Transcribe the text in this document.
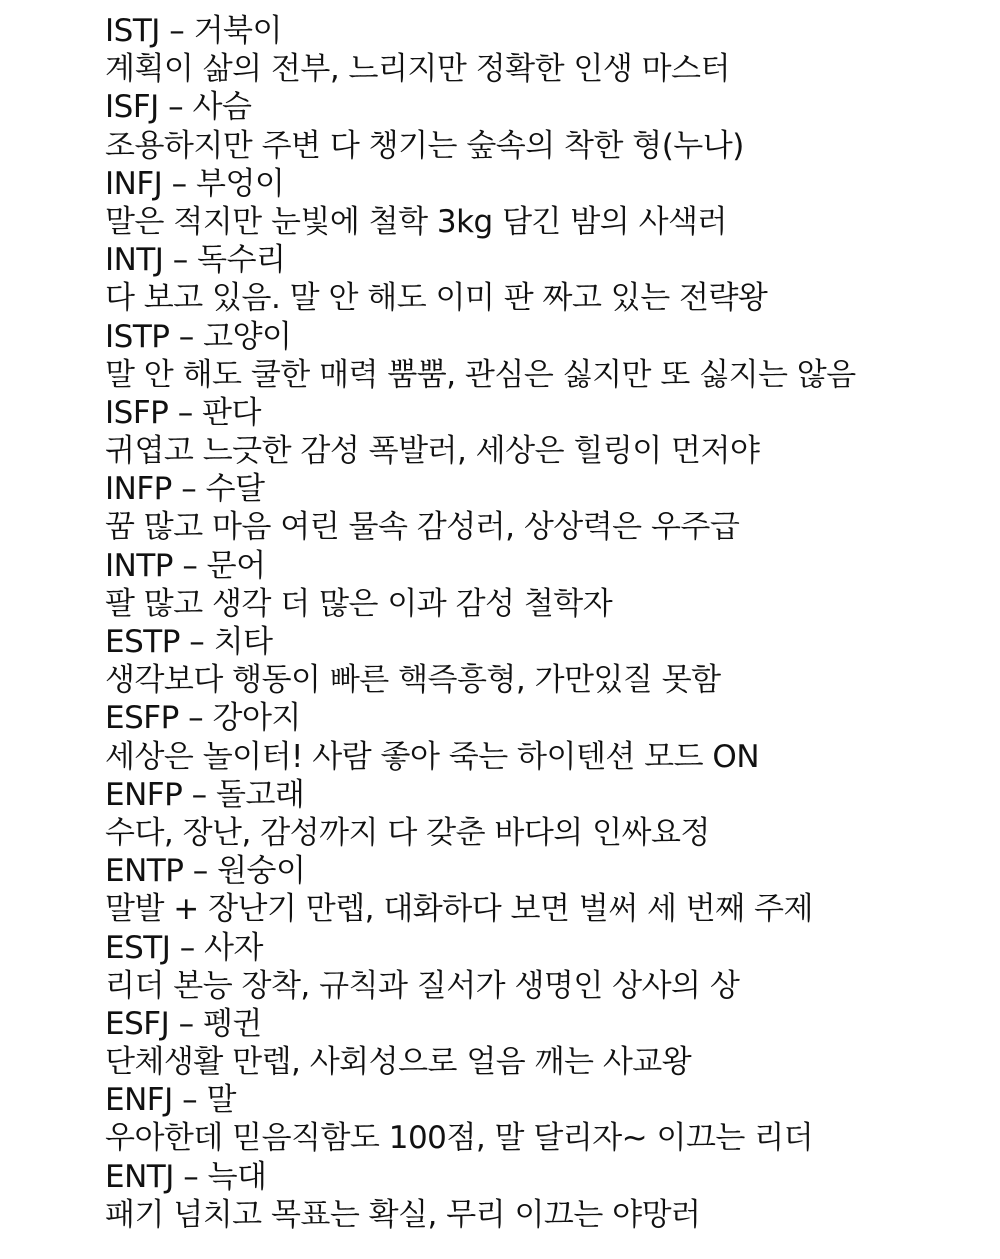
ISTJ – 거북이
계획이 삶의 전부, 느리지만 정확한 인생 마스터
ISFJ – 사슴
조용하지만 주변 다 챙기는 숲속의 착한 형(누나)
INFJ – 부엉이
말은 적지만 눈빛에 철학 3kg 담긴 밤의 사색러
INTJ – 독수리
다 보고 있음. 말 안 해도 이미 판 짜고 있는 전략왕
ISTP – 고양이
말 안 해도 쿨한 매력 뿜뿜, 관심은 싫지만 또 싫지는 않음
ISFP – 판다
귀엽고 느긋한 감성 폭발러, 세상은 힐링이 먼저야
INFP – 수달
꿈 많고 마음 여린 물속 감성러, 상상력은 우주급
INTP – 문어
팔 많고 생각 더 많은 이과 감성 철학자
ESTP – 치타
생각보다 행동이 빠른 핵즉흥형, 가만있질 못함
ESFP – 강아지
세상은 놀이터! 사람 좋아 죽는 하이텐션 모드 ON
ENFP – 돌고래
수다, 장난, 감성까지 다 갖춘 바다의 인싸요정
ENTP – 원숭이
말발 + 장난기 만렙, 대화하다 보면 벌써 세 번째 주제
ESTJ – 사자
리더 본능 장착, 규칙과 질서가 생명인 상사의 상
ESFJ – 펭귄
단체생활 만렙, 사회성으로 얼음 깨는 사교왕
ENFJ – 말
우아한데 믿음직함도 100점, 말 달리자~ 이끄는 리더
ENTJ – 늑대
패기 넘치고 목표는 확실, 무리 이끄는 야망러
